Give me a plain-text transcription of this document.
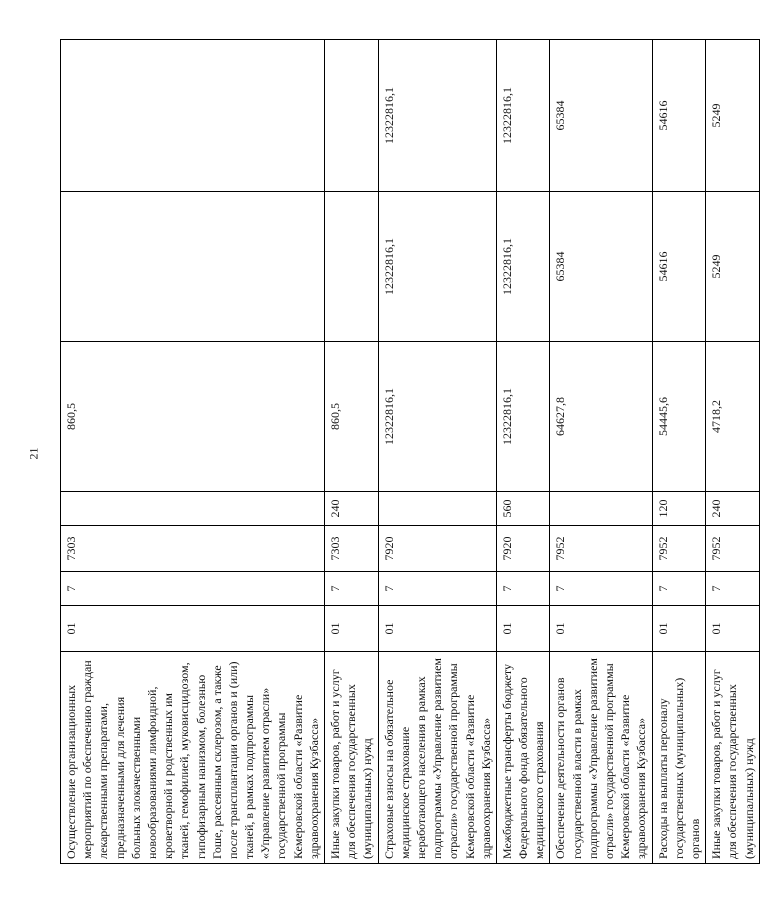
21
Осуществление организационных мероприятий по обеспечению граждан лекарственными препаратами, предназначенными для лечения больных злокачественными новообразованиями лимфоидной, кроветворной и родственных им тканей, гемофилией, муковисцидозом, гипофизарным нанизмом, болезнью Гоше, рассеянным склерозом, а также после трансплантации органов и (или) тканей, в рамках подпрограммы «Управление развитием отрасли» государственной программы Кемеровской области «Развитие здравоохранения Кузбасса»	01	7	7303		860,5		
Иные закупки товаров, работ и услуг для обеспечения государственных (муниципальных) нужд	01	7	7303	240	860,5		
Страховые взносы на обязательное медицинское страхование неработающего населения в рамках подпрограммы «Управление развитием отрасли» государственной программы Кемеровской области «Развитие здравоохранения Кузбасса»	01	7	7920		12322816,1	12322816,1	12322816,1
Межбюджетные трансферты бюджету Федерального фонда обязательного медицинского страхования	01	7	7920	560	12322816,1	12322816,1	12322816,1
Обеспечение деятельности органов государственной власти в рамках подпрограммы «Управление развитием отрасли» государственной программы Кемеровской области «Развитие здравоохранения Кузбасса»	01	7	7952		64627,8	65384	65384
Расходы на выплаты персоналу государственных (муниципальных) органов	01	7	7952	120	54445,6	54616	54616
Иные закупки товаров, работ и услуг для обеспечения государственных (муниципальных) нужд	01	7	7952	240	4718,2	5249	5249
